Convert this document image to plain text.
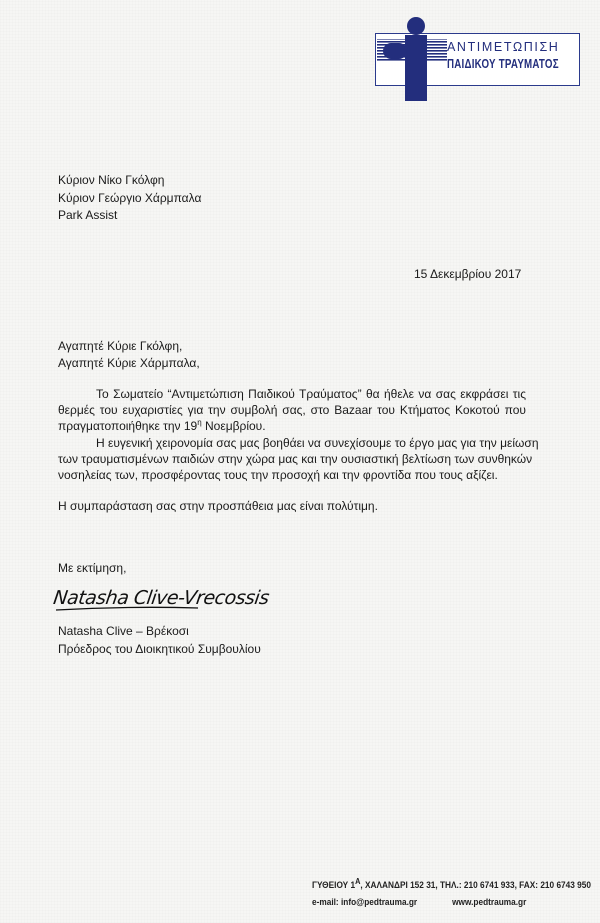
ΑΝΤΙΜΕΤΩΠΙΣΗ
ΠΑΙΔΙΚΟΥ ΤΡΑΥΜΑΤΟΣ
Κύριον Νίκο Γκόλφη
Κύριον Γεώργιο Χάρμπαλα
Park Assist
15 Δεκεμβρίου 2017
Αγαπητέ Κύριε Γκόλφη,
Αγαπητέ Κύριε Χάρμπαλα,
Το Σωματείο “Αντιμετώπιση Παιδικού Τραύματος” θα ήθελε να σας εκφράσει τις
θερμές του ευχαριστίες για την συμβολή σας, στο Bazaar του Κτήματος Κοκοτού που
πραγματοποιήθηκε την $19^\eta$ Νοεμβρίου.
Η ευγενική χειρονομία σας μας βοηθάει να συνεχίσουμε το έργο μας για την μείωση
των τραυματισμένων παιδιών στην χώρα μας και την ουσιαστική βελτίωση των συνθηκών
νοσηλείας των, προσφέροντας τους την προσοχή και την φροντίδα που τους αξίζει.
Η συμπαράσταση σας στην προσπάθεια μας είναι πολύτιμη.
Με εκτίμηση,
Natasha Clive-Vrecossis
Natasha Clive – Βρέκοσι
Πρόεδρος του Διοικητικού Συμβουλίου
ΓΥΘΕΙΟΥ $1^A$, ΧΑΛΑΝΔΡΙ 152 31, ΤΗΛ.: 210 6741 933, FAX: 210 6743 950
e-mail: info@pedtrauma.gr	www.pedtrauma.gr
